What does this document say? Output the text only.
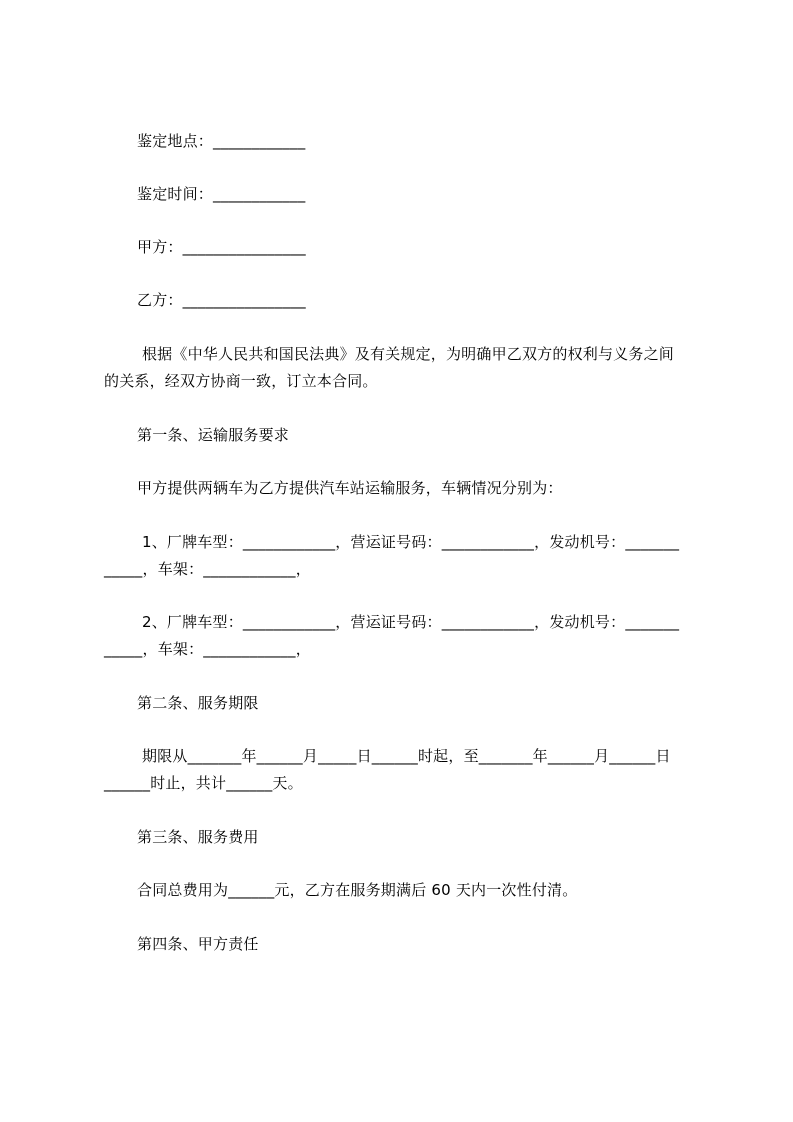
鉴定地点：____________
鉴定时间：____________
甲方：________________
乙方：________________
根据《中华人民共和国民法典》及有关规定，为明确甲乙双方的权利与义务之间
的关系，经双方协商一致，订立本合同。
第一条、运输服务要求
甲方提供两辆车为乙方提供汽车站运输服务，车辆情况分别为：
1、厂牌车型：____________，营运证号码：____________，发动机号：_______
_____，车架：____________，
2、厂牌车型：____________，营运证号码：____________，发动机号：_______
_____，车架：____________，
第二条、服务期限
期限从_______年______月_____日______时起，至_______年______月______日
______时止，共计______天。
第三条、服务费用
合同总费用为______元，乙方在服务期满后 60 天内一次性付清。
第四条、甲方责任
